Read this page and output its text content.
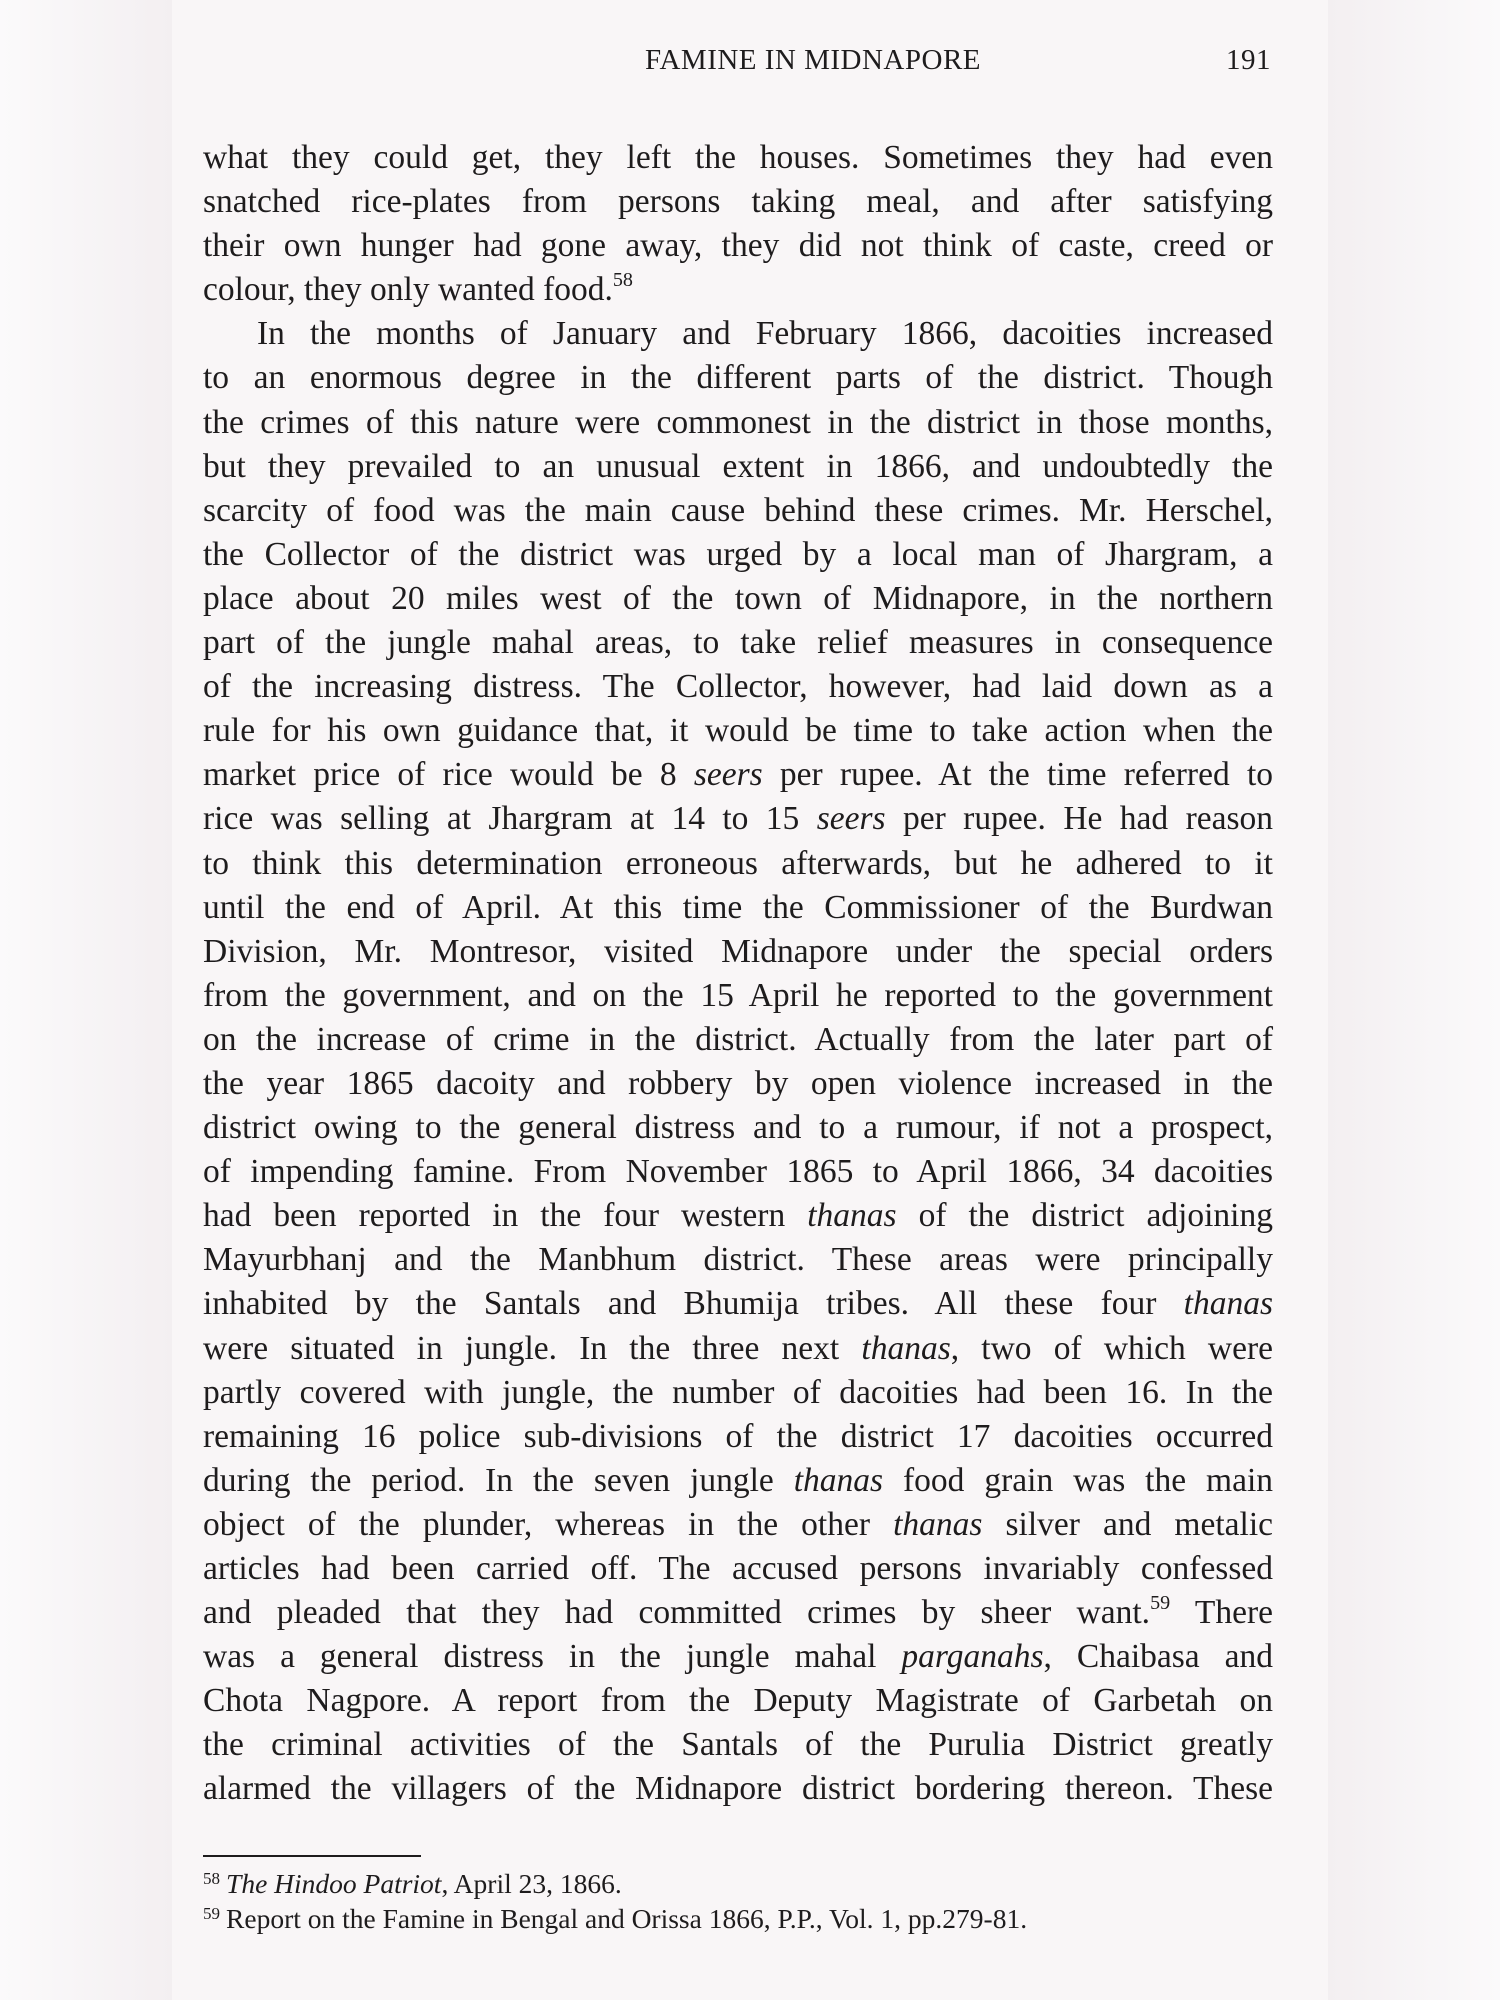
FAMINE IN MIDNAPORE	191
what they could get, they left the houses. Sometimes they had even
snatched rice-plates from persons taking meal, and after satisfying
their own hunger had gone away, they did not think of caste, creed or
colour, they only wanted food.$^{58}$
In the months of January and February 1866, dacoities increased
to an enormous degree in the different parts of the district. Though
the crimes of this nature were commonest in the district in those months,
but they prevailed to an unusual extent in 1866, and undoubtedly the
scarcity of food was the main cause behind these crimes. Mr. Herschel,
the Collector of the district was urged by a local man of Jhargram, a
place about 20 miles west of the town of Midnapore, in the northern
part of the jungle mahal areas, to take relief measures in consequence
of the increasing distress. The Collector, however, had laid down as a
rule for his own guidance that, it would be time to take action when the
market price of rice would be 8 seers per rupee. At the time referred to
rice was selling at Jhargram at 14 to 15 seers per rupee. He had reason
to think this determination erroneous afterwards, but he adhered to it
until the end of April. At this time the Commissioner of the Burdwan
Division, Mr. Montresor, visited Midnapore under the special orders
from the government, and on the 15 April he reported to the government
on the increase of crime in the district. Actually from the later part of
the year 1865 dacoity and robbery by open violence increased in the
district owing to the general distress and to a rumour, if not a prospect,
of impending famine. From November 1865 to April 1866, 34 dacoities
had been reported in the four western thanas of the district adjoining
Mayurbhanj and the Manbhum district. These areas were principally
inhabited by the Santals and Bhumija tribes. All these four thanas
were situated in jungle. In the three next thanas, two of which were
partly covered with jungle, the number of dacoities had been 16. In the
remaining 16 police sub-divisions of the district 17 dacoities occurred
during the period. In the seven jungle thanas food grain was the main
object of the plunder, whereas in the other thanas silver and metalic
articles had been carried off. The accused persons invariably confessed
and pleaded that they had committed crimes by sheer want.$^{59}$ There
was a general distress in the jungle mahal parganahs, Chaibasa and
Chota Nagpore. A report from the Deputy Magistrate of Garbetah on
the criminal activities of the Santals of the Purulia District greatly
alarmed the villagers of the Midnapore district bordering thereon. These
$^{58}$ The Hindoo Patriot, April 23, 1866.
$^{59}$ Report on the Famine in Bengal and Orissa 1866, P.P., Vol. 1, pp.279-81.
